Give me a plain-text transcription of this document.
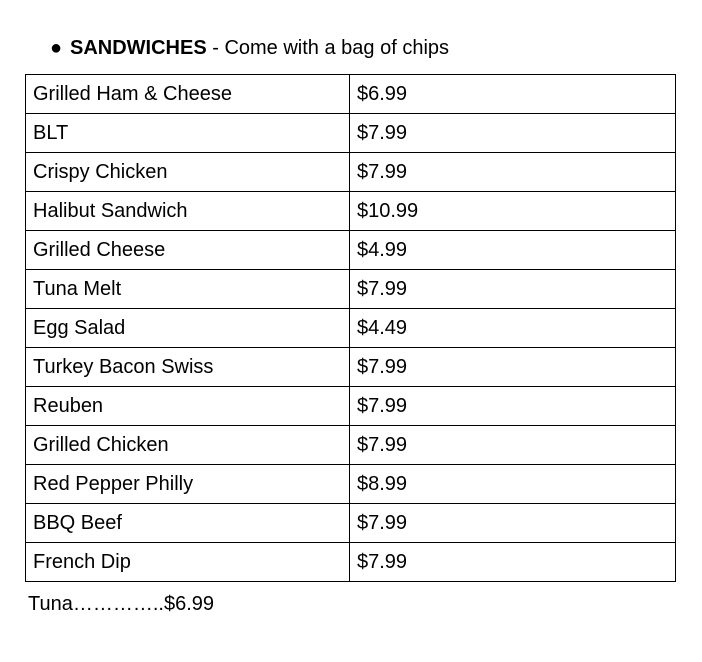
● SANDWICHES - Come with a bag of chips
Grilled Ham & Cheese	$6.99
BLT	$7.99
Crispy Chicken	$7.99
Halibut Sandwich	$10.99
Grilled Cheese	$4.99
Tuna Melt	$7.99
Egg Salad	$4.49
Turkey Bacon Swiss	$7.99
Reuben	$7.99
Grilled Chicken	$7.99
Red Pepper Philly	$8.99
BBQ Beef	$7.99
French Dip	$7.99
Tuna…………..$6.99
